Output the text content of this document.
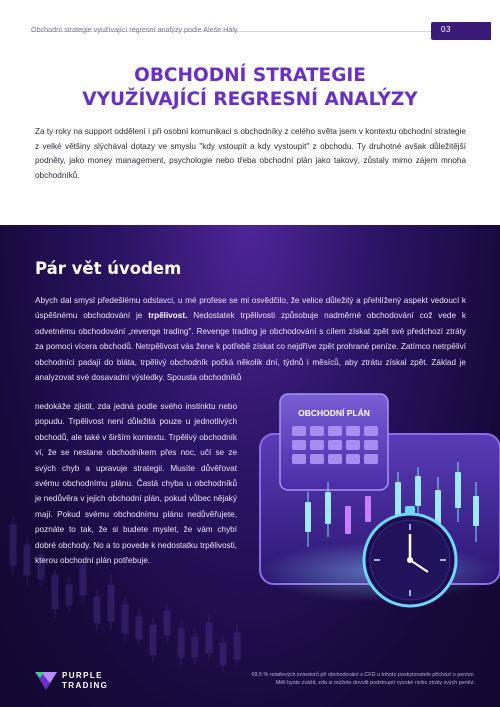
Obchodní strategie využívající regresní analýzy podle Aleše Hály	03
OBCHODNÍ STRATEGIE
VYUŽÍVAJÍCÍ REGRESNÍ ANALÝZY
Za ty roky na support oddělení i při osobní komunikaci s obchodníky z celého světa jsem v kontextu obchodní strategie z velké většiny slýchával dotazy ve smyslu "kdy vstoupit a kdy vystoupit" z obchodu. Ty druhotné avšak důležitější podněty, jako money management, psychologie nebo třeba obchodní plán jako takový, zůstaly mimo zájem mnoha obchodníků.
Pár vět úvodem
Abych dal smysl předešlému odstavci, u mé profese se mi osvědčilo, že velice důležitý a přehlížený aspekt vedoucí k úspěšnému obchodování je trpělivost. Nedostatek trpělivosti způsobuje nadměrné obchodování což vede k odvetnému obchodování „revenge trading". Revenge trading je obchodování s cílem získat zpět své předchozí ztráty za pomoci vícera obchodů. Netrpělivost vás žene k potřebě získat co nejdříve zpět prohrané peníze. Zatímco netrpěliví obchodníci padají do bláta, trpělivý obchodník počká několik dní, týdnů i měsíců, aby ztrátu získal zpět. Základ je analyzovat své dosavadní výsledky. Spousta obchodníků
nedokáže zjistit, zda jedná podle svého instinktu nebo popudu. Trpělivost není důležitá pouze u jednotlivých obchodů, ale také v širším kontextu. Trpělivý obchodník ví, že se nestane obchodníkem přes noc, učí se ze svých chyb a upravuje strategii. Musíte důvěřovat svému obchodnímu plánu. Častá chyba u obchodníků je nedůvěra v jejich obchodní plán, pokud vůbec nějaký mají. Pokud svému obchodnímu plánu nedůvěřujete, poznáte to tak, že si budete myslet, že vám chybí dobré obchody. No a to povede k nedostatku trpělivosti, kterou obchodní plán potřebuje.
OBCHODNÍ PLÁN
PURPLE
TRADING
69,5 % retailových investorů při obchodování s CFD u tohoto poskytovatele přichází o peníze.
Měli byste zvážit, zda si můžete dovolit podstoupit vysoké riziko ztráty svých peněz.
